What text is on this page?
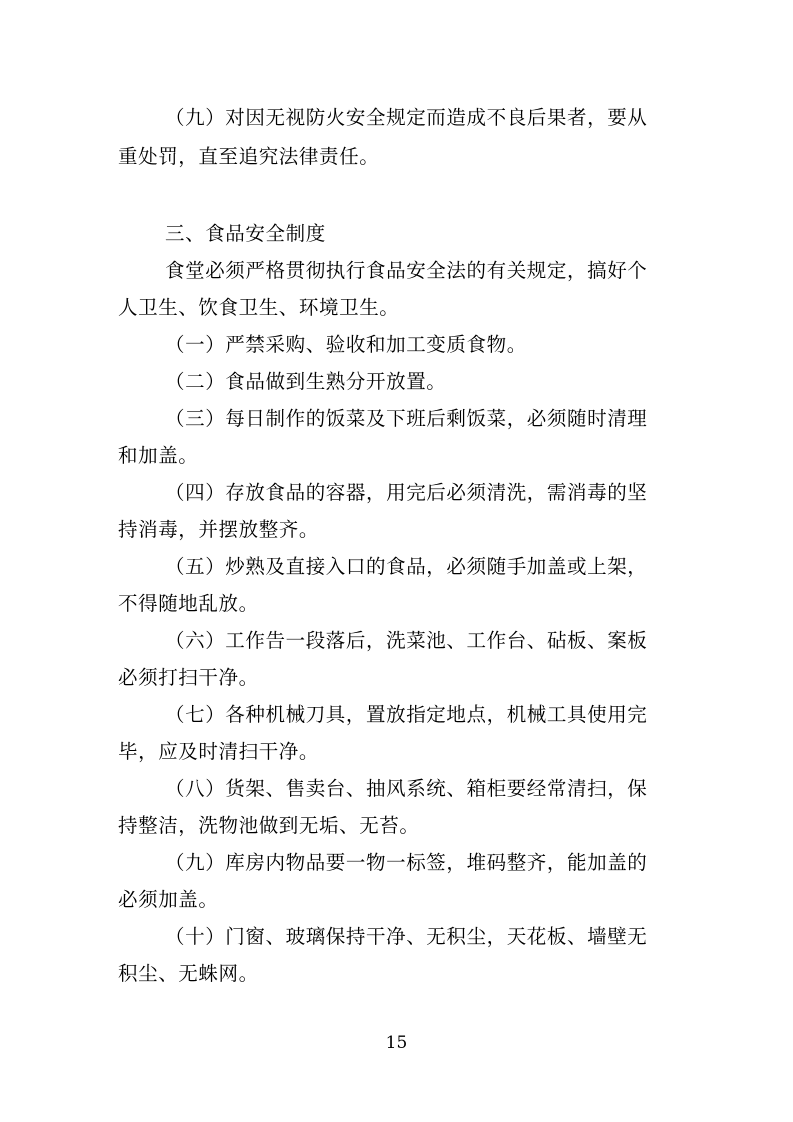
（九）对因无视防火安全规定而造成不良后果者，要从

重处罚，直至追究法律责任。

三、食品安全制度

食堂必须严格贯彻执行食品安全法的有关规定，搞好个

人卫生、饮食卫生、环境卫生。

（一）严禁采购、验收和加工变质食物。

（二）食品做到生熟分开放置。

（三）每日制作的饭菜及下班后剩饭菜，必须随时清理

和加盖。

（四）存放食品的容器，用完后必须清洗，需消毒的坚

持消毒，并摆放整齐。

（五）炒熟及直接入口的食品，必须随手加盖或上架，

不得随地乱放。

（六）工作告一段落后，洗菜池、工作台、砧板、案板

必须打扫干净。

（七）各种机械刀具，置放指定地点，机械工具使用完

毕，应及时清扫干净。

（八）货架、售卖台、抽风系统、箱柜要经常清扫，保

持整洁，洗物池做到无垢、无苔。

（九）库房内物品要一物一标签，堆码整齐，能加盖的

必须加盖。

（十）门窗、玻璃保持干净、无积尘，天花板、墙壁无

积尘、无蛛网。

15
